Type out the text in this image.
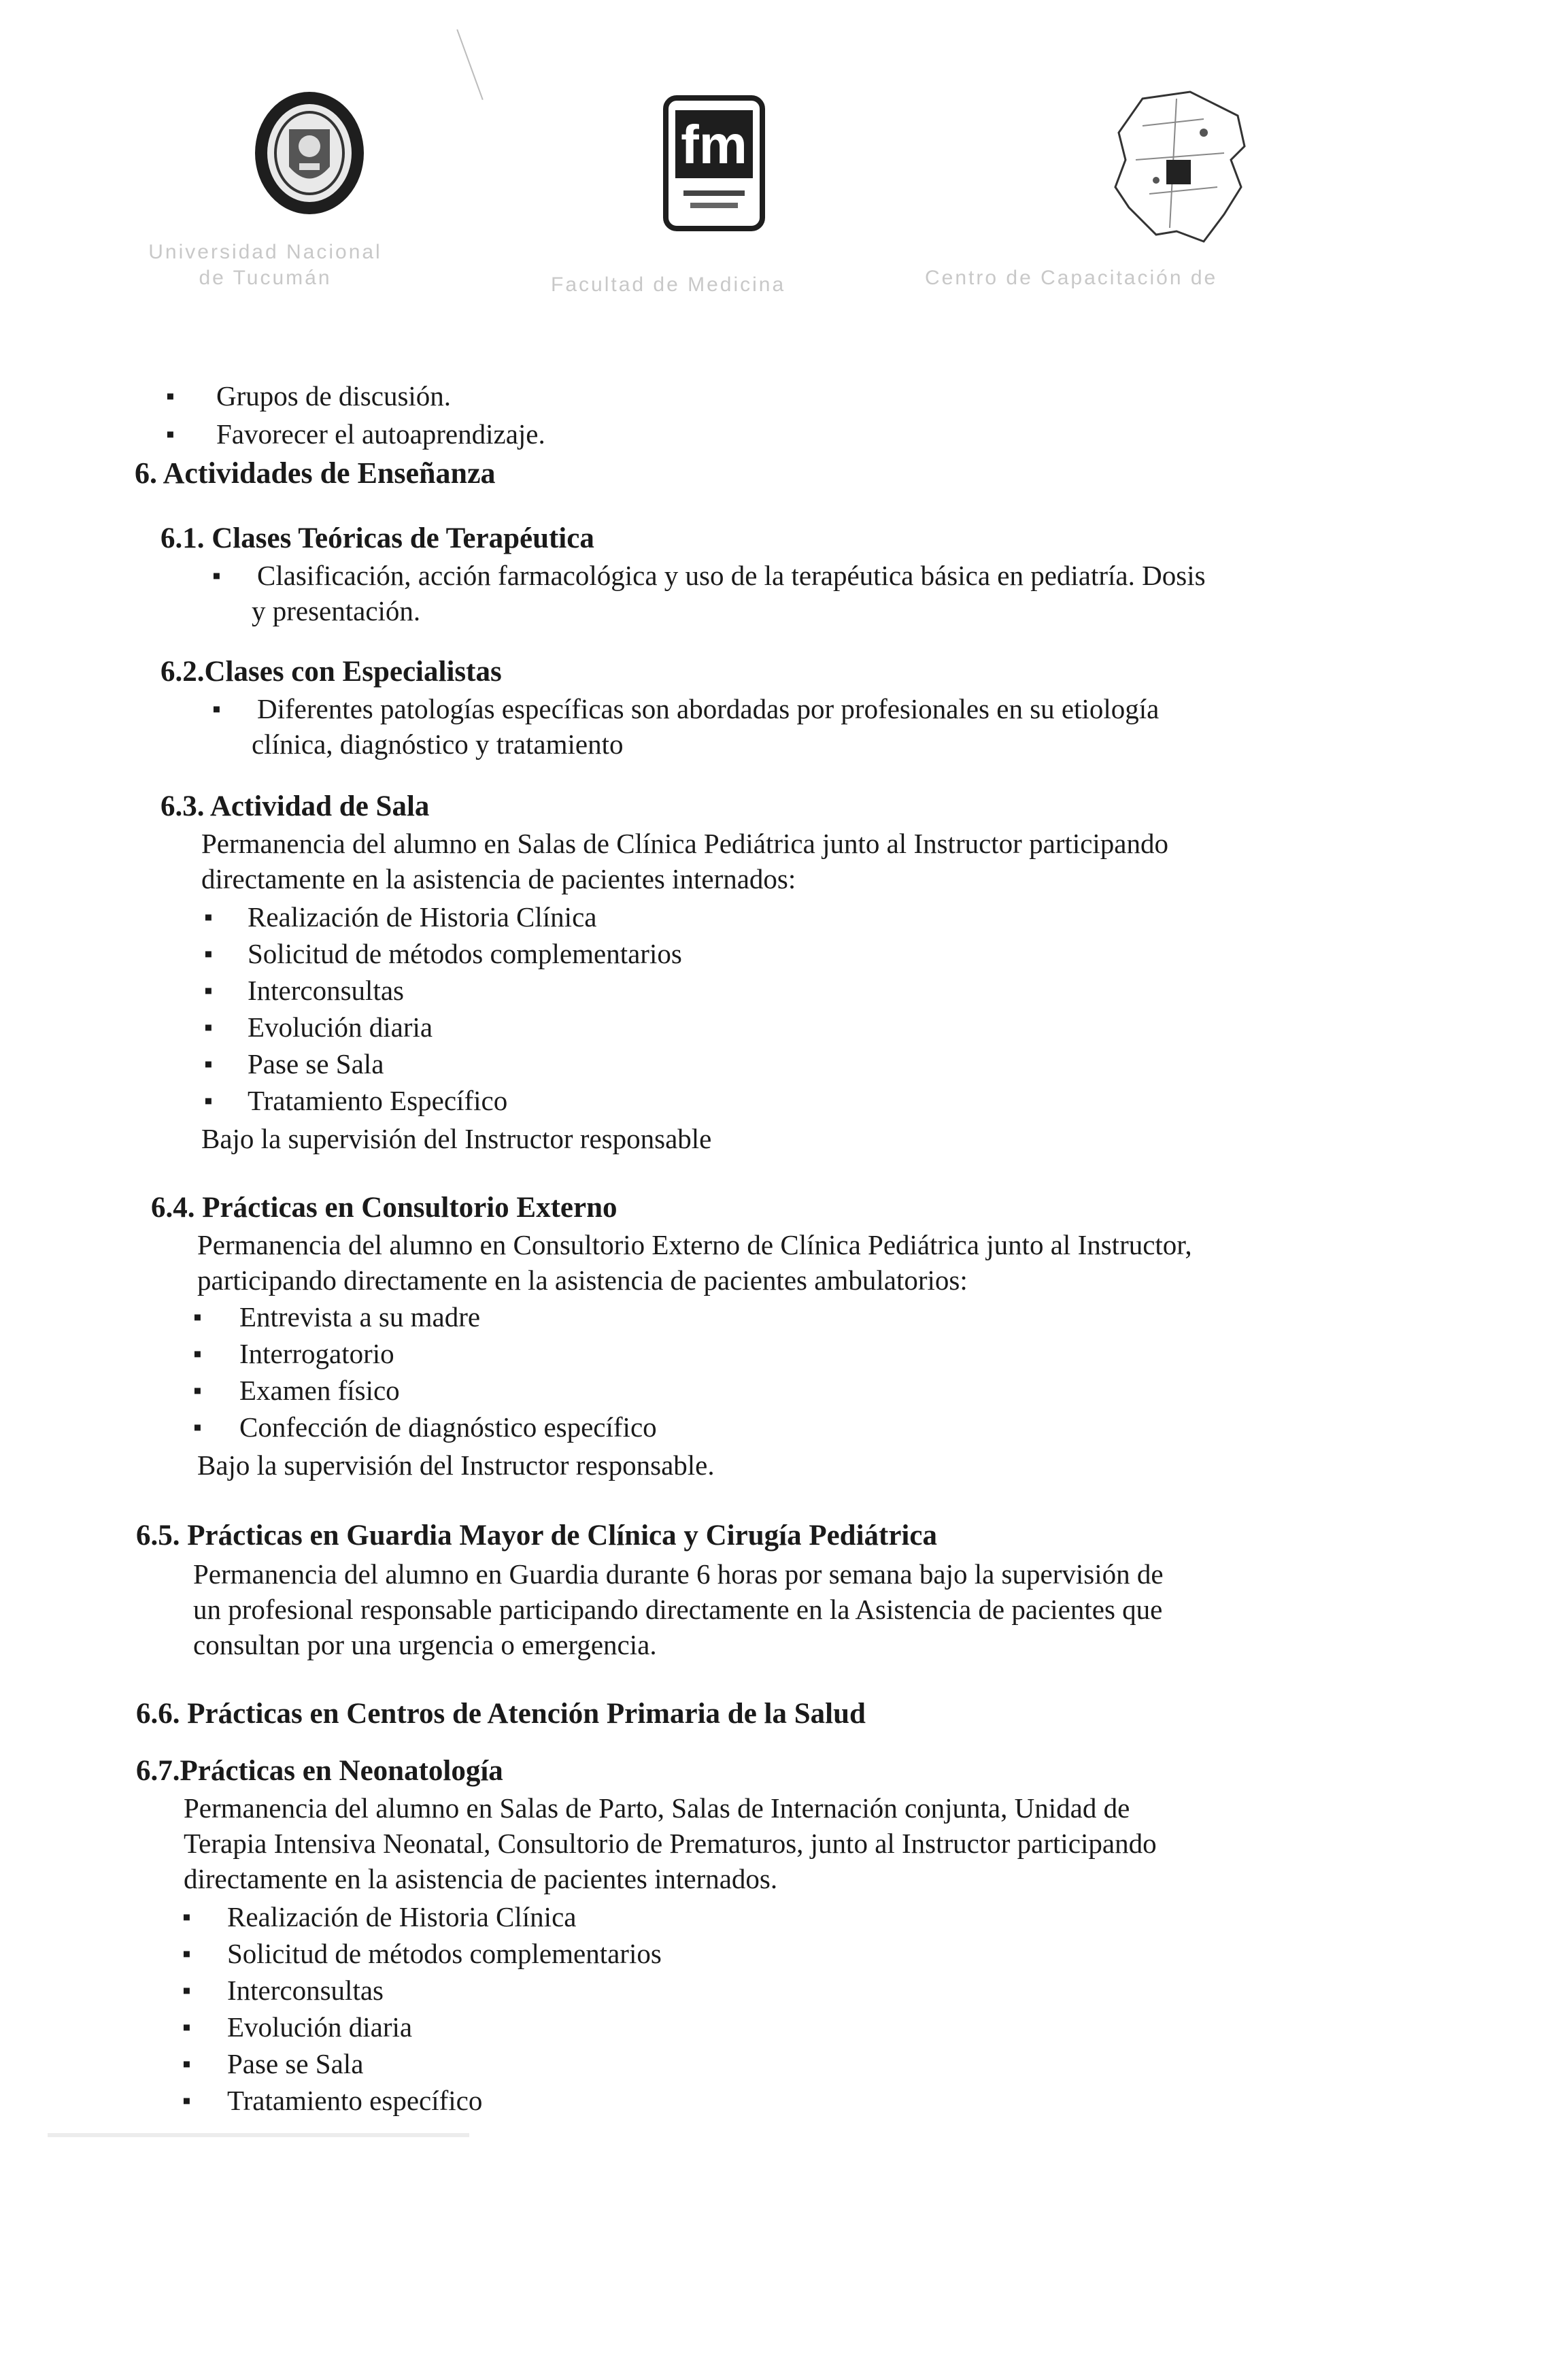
Universidad Nacional de Tucumán
fm
Facultad de Medicina	Centro de Capacitación de
▪ Grupos de discusión.
▪ Favorecer el autoaprendizaje.
6. Actividades de Enseñanza
6.1. Clases Teóricas de Terapéutica
▪ Clasificación, acción farmacológica y uso de la terapéutica básica en pediatría. Dosis
y presentación.
6.2.Clases con Especialistas
▪ Diferentes patologías específicas son abordadas por profesionales en su etiología
clínica, diagnóstico y tratamiento
6.3. Actividad de Sala
Permanencia del alumno en Salas de Clínica Pediátrica junto al Instructor participando
directamente en la asistencia de pacientes internados:
▪ Realización de Historia Clínica
▪ Solicitud de métodos complementarios
▪ Interconsultas
▪ Evolución diaria
▪ Pase se Sala
▪ Tratamiento Específico
Bajo la supervisión del Instructor responsable
6.4. Prácticas en Consultorio Externo
Permanencia del alumno en Consultorio Externo de Clínica Pediátrica junto al Instructor,
participando directamente en la asistencia de pacientes ambulatorios:
▪ Entrevista a su madre
▪ Interrogatorio
▪ Examen físico
▪ Confección de diagnóstico específico
Bajo la supervisión del Instructor responsable.
6.5. Prácticas en Guardia Mayor de Clínica y Cirugía Pediátrica
Permanencia del alumno en Guardia durante 6 horas por semana bajo la supervisión de
un profesional responsable participando directamente en la Asistencia de pacientes que
consultan por una urgencia o emergencia.
6.6. Prácticas en Centros de Atención Primaria de la Salud
6.7.Prácticas en Neonatología
Permanencia del alumno en Salas de Parto, Salas de Internación conjunta, Unidad de
Terapia Intensiva Neonatal, Consultorio de Prematuros, junto al Instructor participando
directamente en la asistencia de pacientes internados.
▪ Realización de Historia Clínica
▪ Solicitud de métodos complementarios
▪ Interconsultas
▪ Evolución diaria
▪ Pase se Sala
▪ Tratamiento específico
